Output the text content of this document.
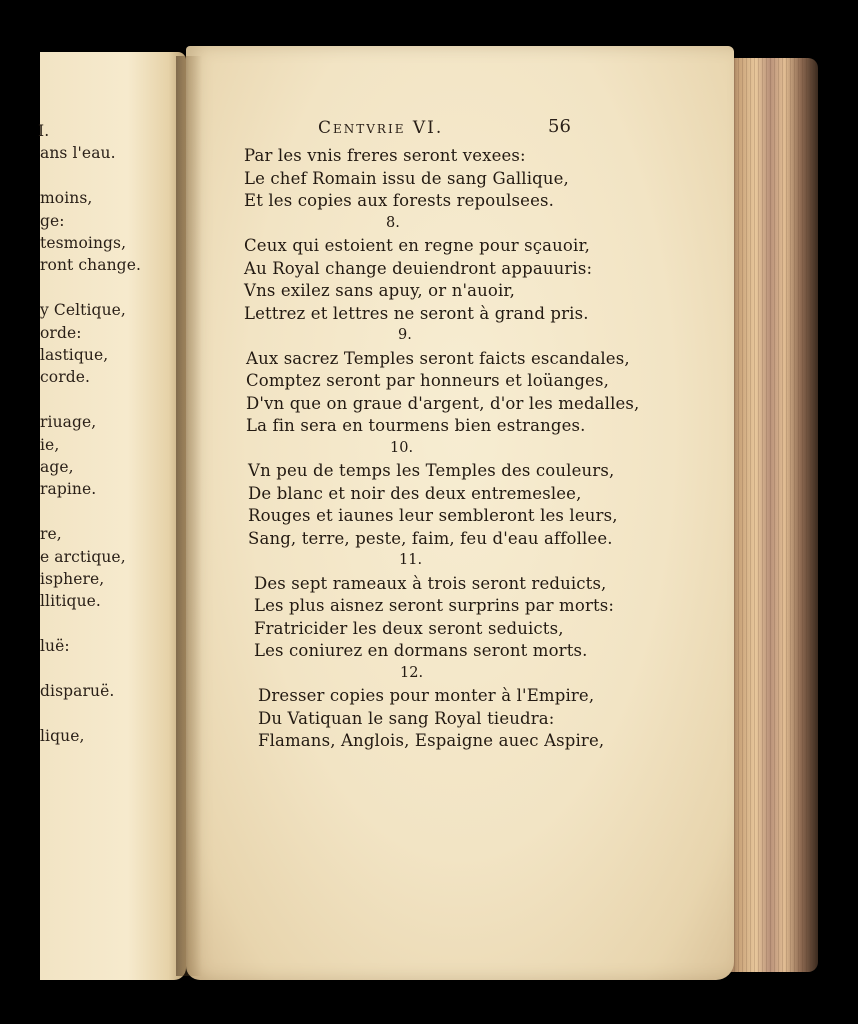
I.
ans l'eau.
moins,
ge:
tesmoings,
ront change.
y Celtique,
orde:
lastique,
corde.
riuage,
ie,
age,
rapine.
re,
e arctique,
isphere,
llitique.
luë:
disparuë.
lique,
Centvrie VI.	56
Par les vnis freres seront vexees:
Le chef Romain issu de sang Gallique,
Et les copies aux forests repoulsees.
8.
Ceux qui estoient en regne pour sçauoir,
Au Royal change deuiendront appauuris:
Vns exilez sans apuy, or n'auoir,
Lettrez et lettres ne seront à grand pris.
9.
Aux sacrez Temples seront faicts escandales,
Comptez seront par honneurs et loüanges,
D'vn que on graue d'argent, d'or les medalles,
La fin sera en tourmens bien estranges.
10.
Vn peu de temps les Temples des couleurs,
De blanc et noir des deux entremeslee,
Rouges et iaunes leur sembleront les leurs,
Sang, terre, peste, faim, feu d'eau affollee.
11.
Des sept rameaux à trois seront reduicts,
Les plus aisnez seront surprins par morts:
Fratricider les deux seront seduicts,
Les coniurez en dormans seront morts.
12.
Dresser copies pour monter à l'Empire,
Du Vatiquan le sang Royal tieudra:
Flamans, Anglois, Espaigne auec Aspire,
